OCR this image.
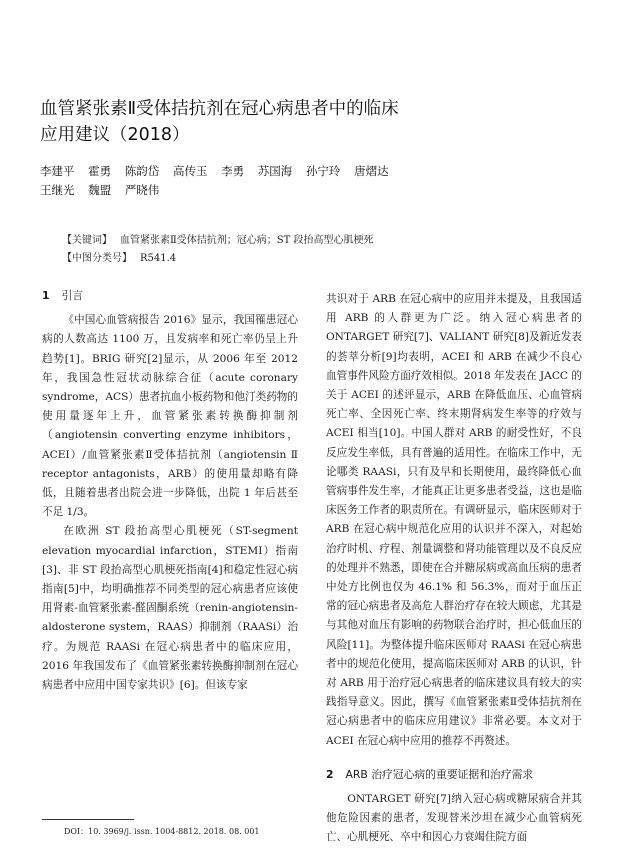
血管紧张素Ⅱ受体拮抗剂在冠心病患者中的临床
应用建议（2018）
李建平 霍勇 陈韵岱 高传玉 李勇 苏国海 孙宁玲 唐熠达
王继光 魏盟 严晓伟
【关键词】 血管紧张素Ⅱ受体拮抗剂；冠心病；ST 段抬高型心肌梗死
【中图分类号】 R541.4
1 引言

《中国心血管病报告 2016》显示，我国罹患冠心病的人数高达 1100 万，且发病率和死亡率仍呈上升趋势[1]。BRIG 研究[2]显示，从 2006 年至 2012 年，我国急性冠状动脉综合征（acute coronary syndrome，ACS）患者抗血小板药物和他汀类药物的使用量逐年上升，血管紧张素转换酶抑制剂（angiotensin converting enzyme inhibitors，ACEI）/血管紧张素Ⅱ受体拮抗剂（angiotensin Ⅱ receptor antagonists，ARB）的使用量却略有降低，且随着患者出院会进一步降低，出院 1 年后甚至不足 1/3。

在欧洲 ST 段抬高型心肌梗死（ST-segment elevation myocardial infarction，STEMI）指南[3]、非 ST 段抬高型心肌梗死指南[4]和稳定性冠心病指南[5]中，均明确推荐不同类型的冠心病患者应该使用肾素-血管紧张素-醛固酮系统（renin-angiotensin-aldosterone system，RAAS）抑制剂（RAASi）治疗。为规范 RAASi 在冠心病患者中的临床应用，2016 年我国发布了《血管紧张素转换酶抑制剂在冠心病患者中应用中国专家共识》[6]。但该专家

共识对于 ARB 在冠心病中的应用并未提及，且我国适用 ARB 的人群更为广泛。纳入冠心病患者的 ONTARGET 研究[7]、VALIANT 研究[8]及新近发表的荟萃分析[9]均表明，ACEI 和 ARB 在减少不良心血管事件风险方面疗效相似。2018 年发表在 JACC 的关于 ACEI 的述评显示，ARB 在降低血压、心血管病死亡率、全因死亡率、终末期肾病发生率等的疗效与 ACEI 相当[10]。中国人群对 ARB 的耐受性好，不良反应发生率低，具有普遍的适用性。在临床工作中，无论哪类 RAASi，只有及早和长期使用，最终降低心血管病事件发生率，才能真正让更多患者受益，这也是临床医务工作者的职责所在。有调研显示，临床医师对于 ARB 在冠心病中规范化应用的认识并不深入，对起始治疗时机、疗程、剂量调整和肾功能管理以及不良反应的处理并不熟悉，即使在合并糖尿病或高血压病的患者中处方比例也仅为 46.1% 和 56.3%，而对于血压正常的冠心病患者及高危人群治疗存在较大顾虑，尤其是与其他对血压有影响的药物联合治疗时，担心低血压的风险[11]。为整体提升临床医师对 RAASi 在冠心病患者中的规范化使用，提高临床医师对 ARB 的认识，针对 ARB 用于治疗冠心病患者的临床建议具有较大的实践指导意义。因此，撰写《血管紧张素Ⅱ受体拮抗剂在冠心病患者中的临床应用建议》非常必要。本文对于 ACEI 在冠心病中应用的推荐不再赘述。

2 ARB 治疗冠心病的重要证据和治疗需求

ONTARGET 研究[7]纳入冠心病或糖尿病合并其他危险因素的患者，发现替米沙坦在减少心血管病死亡、心肌梗死、卒中和因心力衰竭住院方面

DOI：10. 3969/j. issn. 1004-8812. 2018. 08. 001
